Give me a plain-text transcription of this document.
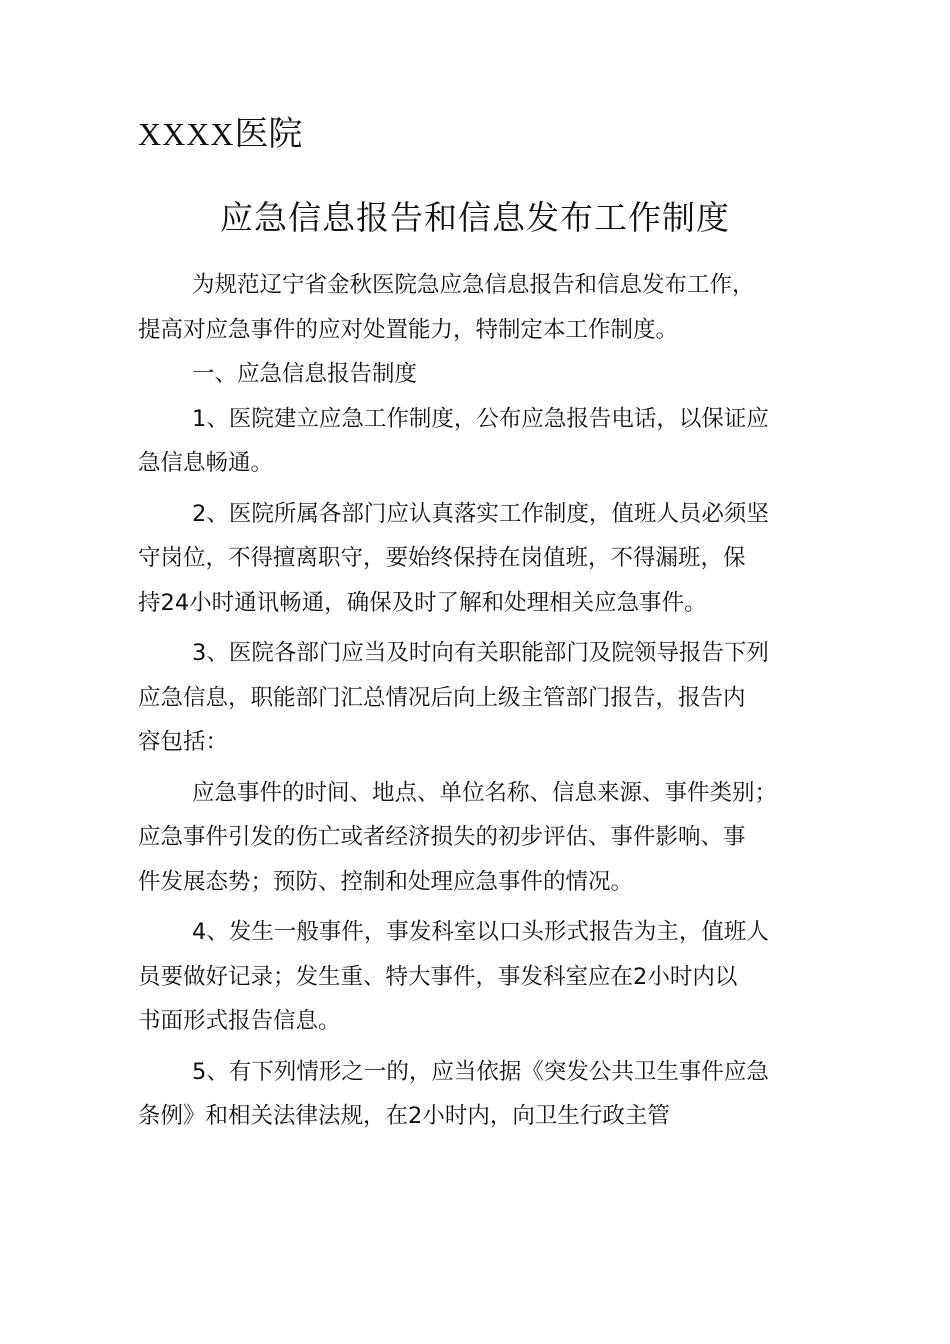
XXXX医院
应急信息报告和信息发布工作制度
为规范辽宁省金秋医院急应急信息报告和信息发布工作，
提高对应急事件的应对处置能力，特制定本工作制度。
一、应急信息报告制度
1、医院建立应急工作制度，公布应急报告电话，以保证应
急信息畅通。
2、医院所属各部门应认真落实工作制度，值班人员必须坚
守岗位，不得擅离职守，要始终保持在岗值班，不得漏班，保
持24小时通讯畅通，确保及时了解和处理相关应急事件。
3、医院各部门应当及时向有关职能部门及院领导报告下列
应急信息，职能部门汇总情况后向上级主管部门报告，报告内
容包括：
应急事件的时间、地点、单位名称、信息来源、事件类别；
应急事件引发的伤亡或者经济损失的初步评估、事件影响、事
件发展态势；预防、控制和处理应急事件的情况。
4、发生一般事件，事发科室以口头形式报告为主，值班人
员要做好记录；发生重、特大事件，事发科室应在2小时内以
书面形式报告信息。
5、有下列情形之一的，应当依据《突发公共卫生事件应急
条例》和相关法律法规，在2小时内，向卫生行政主管
